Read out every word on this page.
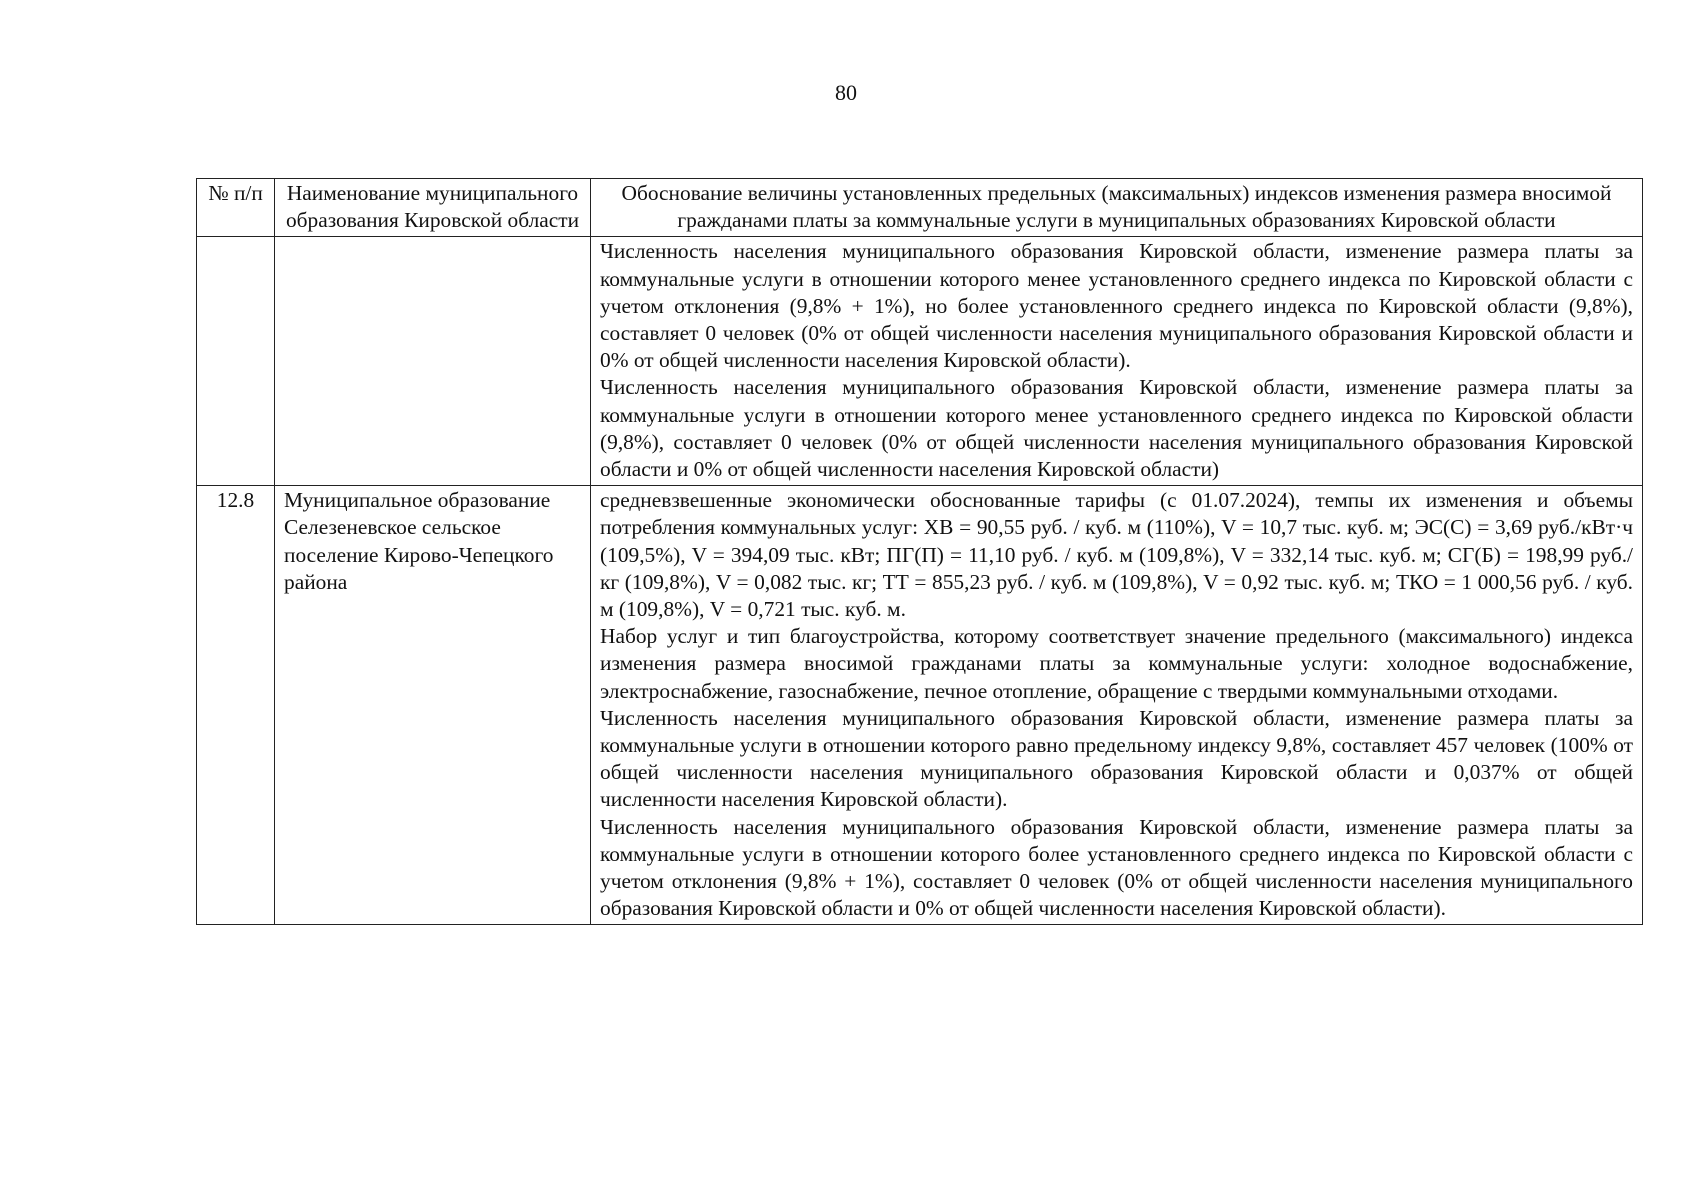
80
№ п/п	Наименование муниципального образования Кировской области	Обоснование величины установленных предельных (максимальных) индексов изменения размера вносимой гражданами платы за коммунальные услуги в муниципальных образованиях Кировской области

		Численность населения муниципального образования Кировской области, изменение размера платы за коммунальные услуги в отношении которого менее установленного среднего индекса по Кировской области с учетом отклонения (9,8% + 1%), но более установленного среднего индекса по Кировской области (9,8%), составляет 0 человек (0% от общей численности населения муниципального образования Кировской области и 0% от общей численности населения Кировской области).

Численность населения муниципального образования Кировской области, изменение размера платы за коммунальные услуги в отношении которого менее установленного среднего индекса по Кировской области (9,8%), составляет 0 человек (0% от общей численности населения муниципального образования Кировской области и 0% от общей численности населения Кировской области)

12.8	Муниципальное образование Селезеневское сельское поселение Кирово-Чепецкого района	средневзвешенные экономически обоснованные тарифы (с 01.07.2024), темпы их изменения и объемы потребления коммунальных услуг: ХВ = 90,55 руб. / куб. м (110%), V = 10,7 тыс. куб. м; ЭС(С) = 3,69 руб./кВт·ч (109,5%), V = 394,09 тыс. кВт; ПГ(П) = 11,10 руб. / куб. м (109,8%), V = 332,14 тыс. куб. м; СГ(Б) = 198,99 руб./кг (109,8%), V = 0,082 тыс. кг; ТТ = 855,23 руб. / куб. м (109,8%), V = 0,92 тыс. куб. м; ТКО = 1 000,56 руб. / куб. м (109,8%), V = 0,721 тыс. куб. м.

Набор услуг и тип благоустройства, которому соответствует значение предельного (максимального) индекса изменения размера вносимой гражданами платы за коммунальные услуги: холодное водоснабжение, электроснабжение, газоснабжение, печное отопление, обращение с твердыми коммунальными отходами.

Численность населения муниципального образования Кировской области, изменение размера платы за коммунальные услуги в отношении которого равно предельному индексу 9,8%, составляет 457 человек (100% от общей численности населения муниципального образования Кировской области и 0,037% от общей численности населения Кировской области).

Численность населения муниципального образования Кировской области, изменение размера платы за коммунальные услуги в отношении которого более установленного среднего индекса по Кировской области с учетом отклонения (9,8% + 1%), составляет 0 человек (0% от общей численности населения муниципального образования Кировской области и 0% от общей численности населения Кировской области).
